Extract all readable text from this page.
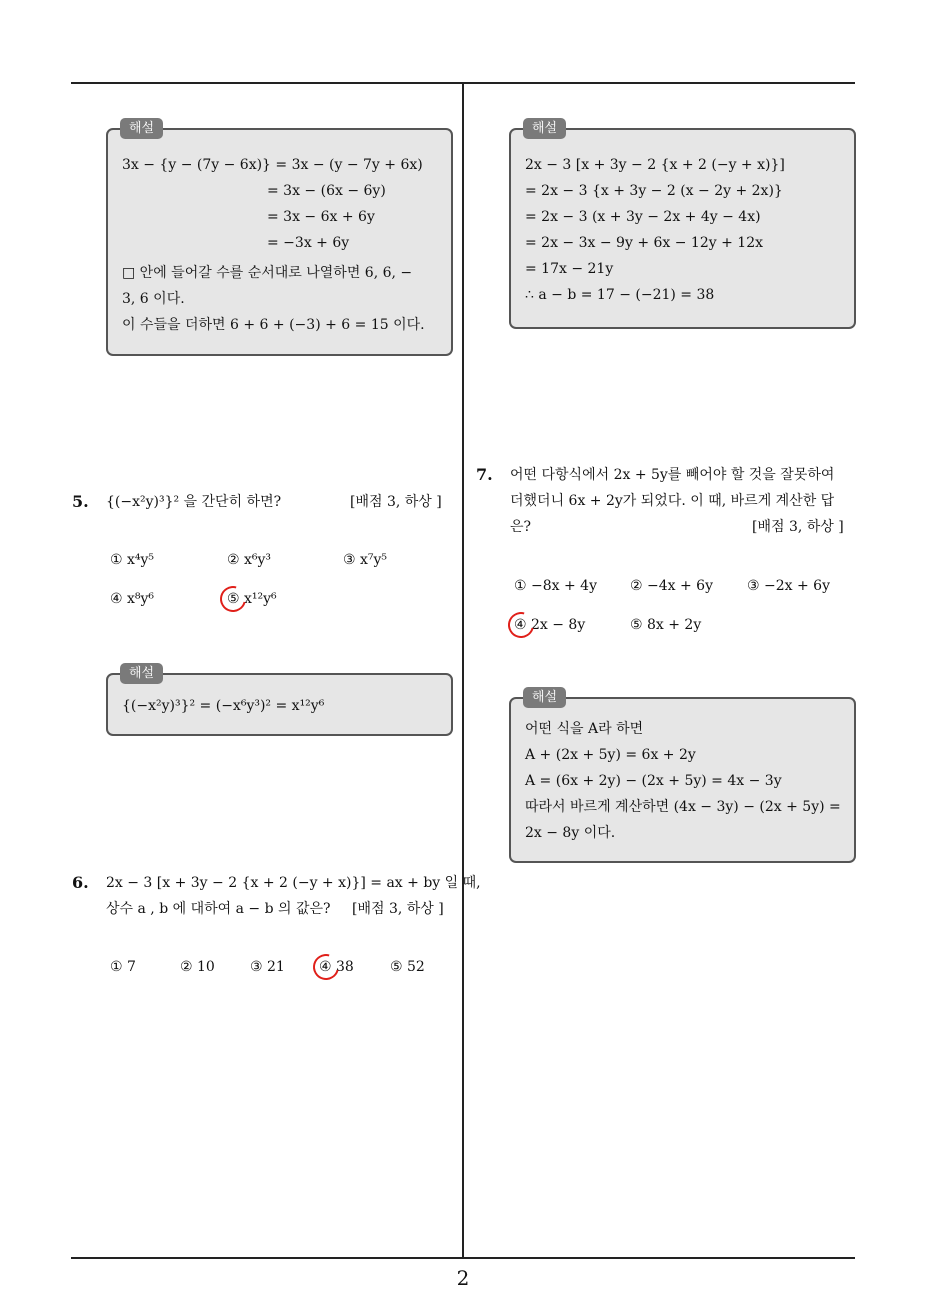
해설
3x − {y − (7y − 6x)} = 3x − (y − 7y + 6x)
= 3x − (6x − 6y)
= 3x − 6x + 6y
= −3x + 6y
□ 안에 들어갈 수를 순서대로 나열하면 6, 6, −
3, 6 이다.
이 수들을 더하면 6 + 6 + (−3) + 6 = 15 이다.
5. {(−x²y)³}² 을 간단히 하면?	[배점 3, 하상 ]
① x⁴y⁵	② x⁶y³	③ x⁷y⁵
④ x⁸y⁶	⑤ x¹²y⁶
해설
{(−x²y)³}² = (−x⁶y³)² = x¹²y⁶
6. 2x − 3 [x + 3y − 2 {x + 2 (−y + x)}] = ax + by 일 때,
상수 a , b 에 대하여 a − b 의 값은? [배점 3, 하상 ]
① 7	② 10	③ 21 ④ 38	⑤ 52
해설
2x − 3 [x + 3y − 2 {x + 2 (−y + x)}]
= 2x − 3 {x + 3y − 2 (x − 2y + 2x)}
= 2x − 3 (x + 3y − 2x + 4y − 4x)
= 2x − 3x − 9y + 6x − 12y + 12x
= 17x − 21y
∴ a − b = 17 − (−21) = 38
7. 어떤 다항식에서 2x + 5y를 빼어야 할 것을 잘못하여
더했더니 6x + 2y가 되었다. 이 때, 바르게 계산한 답
은?	[배점 3, 하상 ]
① −8x + 4y ② −4x + 6y ③ −2x + 6y
④ 2x − 8y	⑤ 8x + 2y
해설
어떤 식을 A라 하면
A + (2x + 5y) = 6x + 2y
A = (6x + 2y) − (2x + 5y) = 4x − 3y
따라서 바르게 계산하면 (4x − 3y) − (2x + 5y) =
2x − 8y 이다.
2
